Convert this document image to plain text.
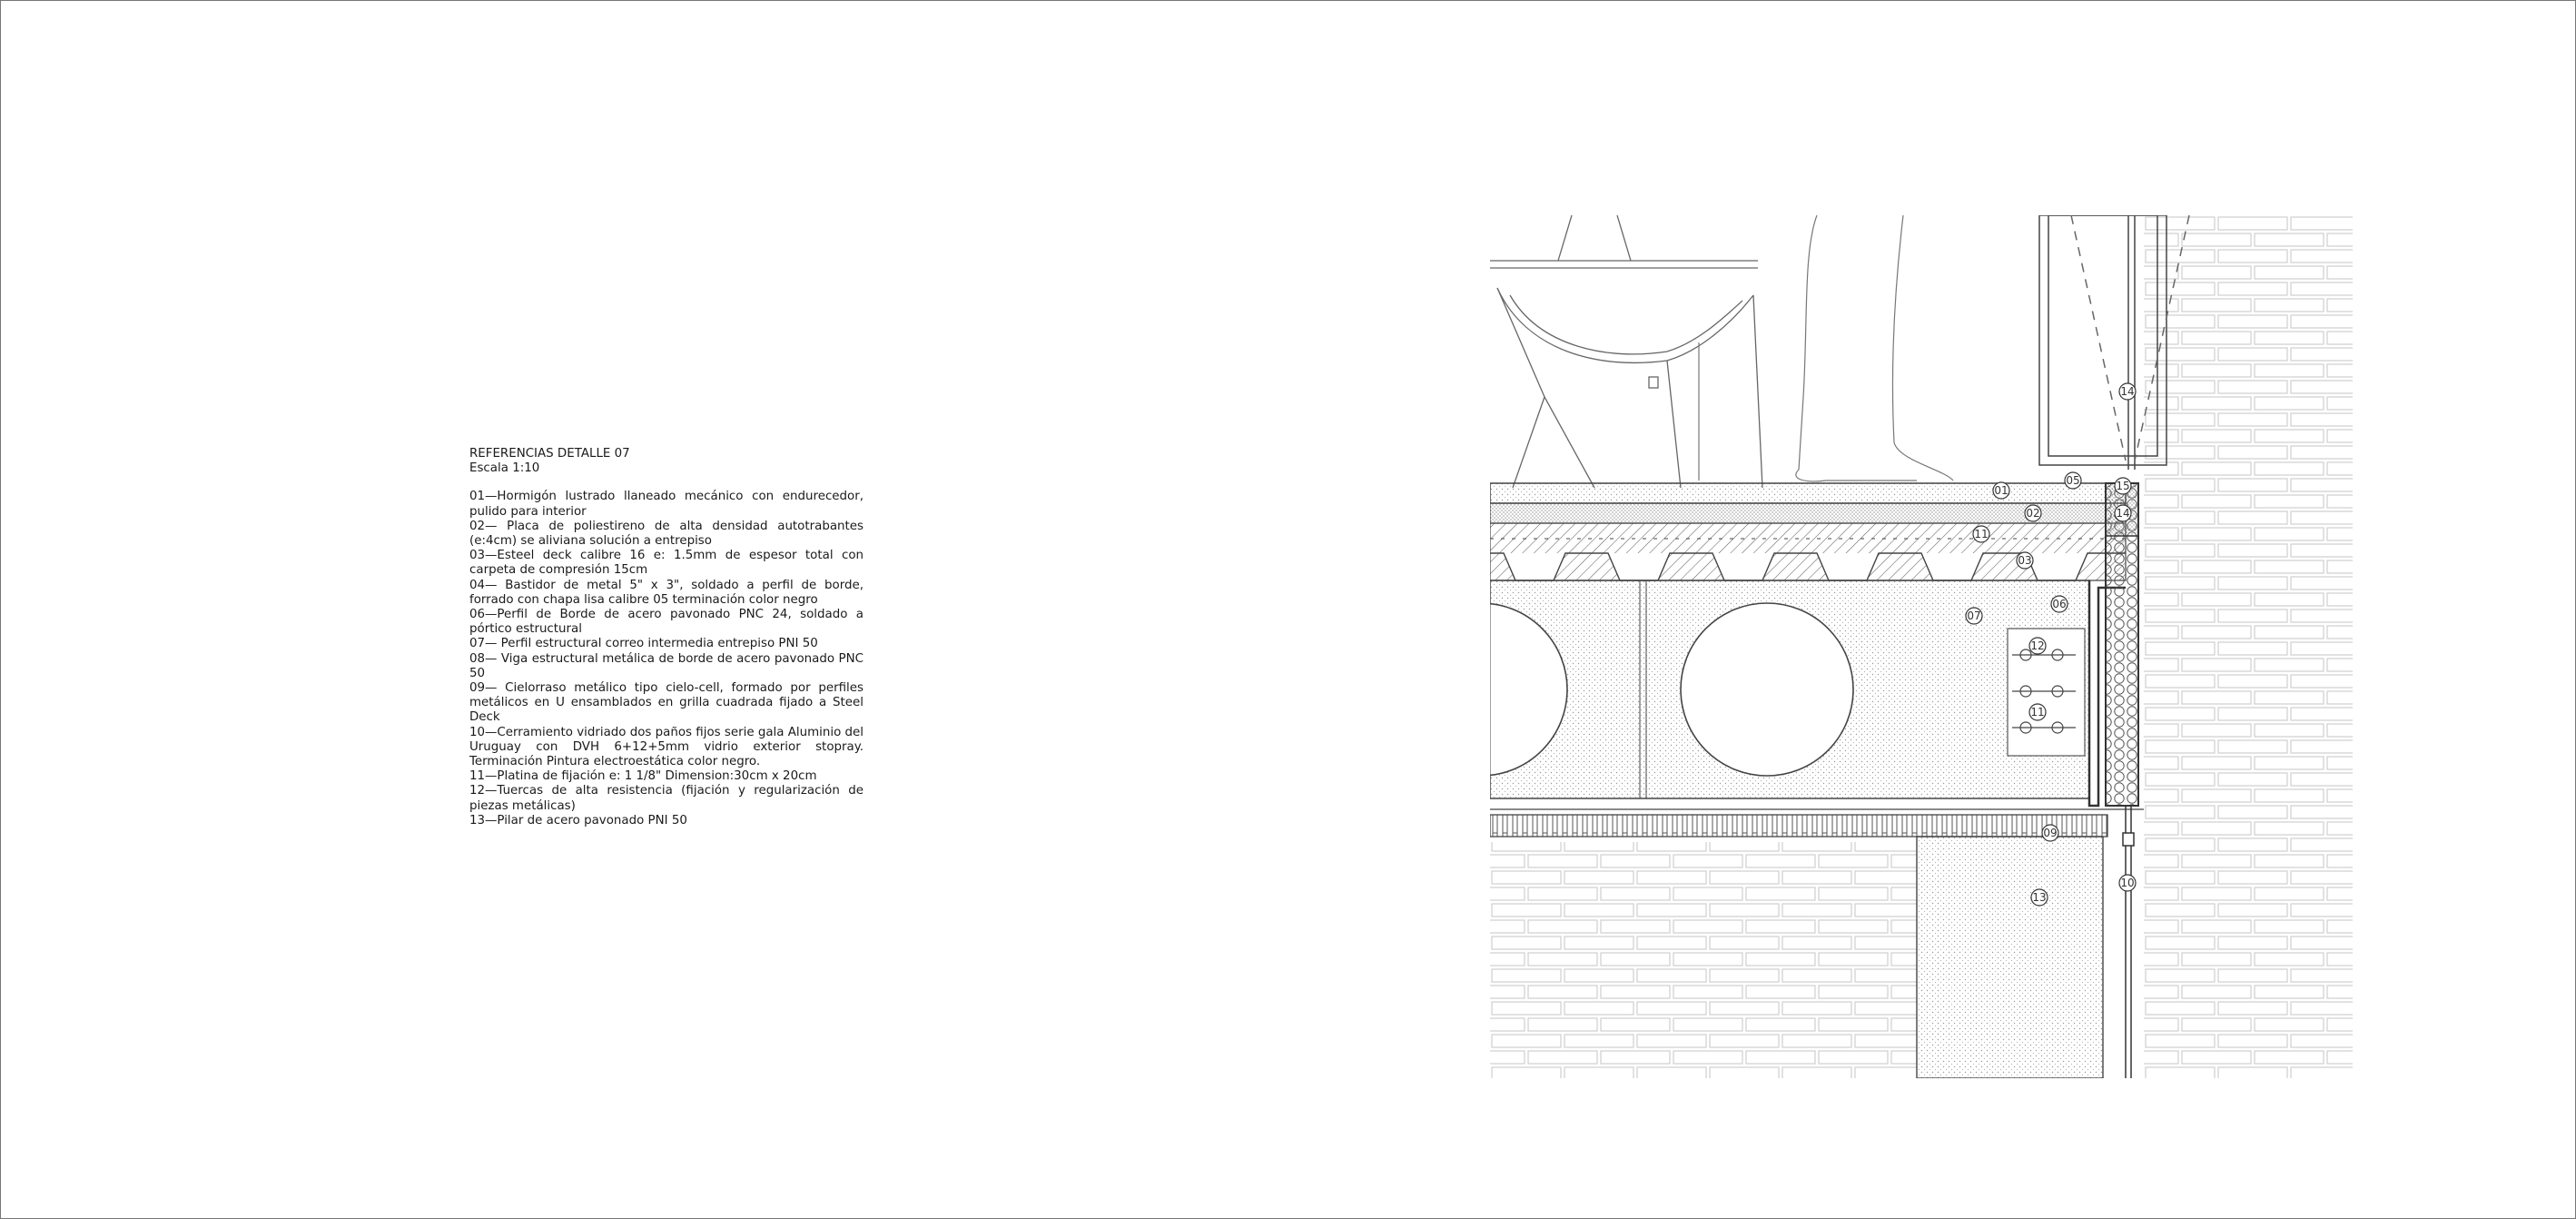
REFERENCIAS DETALLE 07
Escala 1:10
01—Hormigón lustrado llaneado mecánico con endurecedor, pulido para interior
02— Placa de poliestireno de alta densidad autotrabantes (e:4cm) se aliviana solución a entrepiso
03—Esteel deck calibre 16 e: 1.5mm de espesor total con carpeta de compresión 15cm
04— Bastidor de metal 5" x 3", soldado a perfil de borde, forrado con chapa lisa calibre 05 terminación color negro
06—Perfil de Borde de acero pavonado PNC 24, soldado a pórtico estructural
07— Perfil estructural correo intermedia entrepiso PNI 50
08— Viga estructural metálica de borde de acero pavonado PNC 50
09— Cielorraso metálico tipo cielo-cell, formado por perfiles metálicos en U ensamblados en grilla cuadrada fijado a Steel Deck
10—Cerramiento vidriado dos paños fijos serie gala Aluminio del Uruguay con DVH 6+12+5mm vidrio exterior stopray. Terminación Pintura electroestática color negro.
11—Platina de fijación e: 1 1/8" Dimension:30cm x 20cm
12—Tuercas de alta resistencia (fijación y regularización de piezas metálicas)
13—Pilar de acero pavonado PNI 50
01
05	15
02	14
11
03
06
07
12
11
09
13
10
14
